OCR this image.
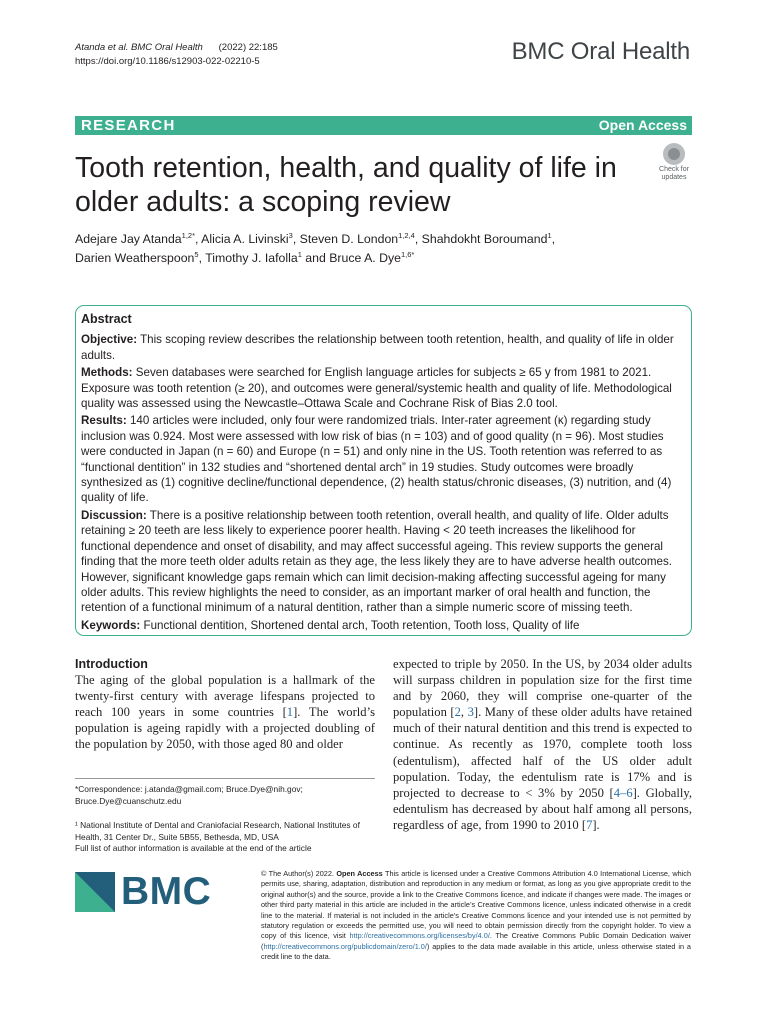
Atanda et al. BMC Oral Health (2022) 22:185
https://doi.org/10.1186/s12903-022-02210-5	BMC Oral Health
RESEARCH	Open Access
Tooth retention, health, and quality of life in older adults: a scoping review
Check for
updates
Adejare Jay Atanda$^{1,2*}$, Alicia A. Livinski$^3$, Steven D. London$^{1,2,4}$, Shahdokht Boroumand$^1$,
Darien Weatherspoon$^5$, Timothy J. Iafolla$^1$ and Bruce A. Dye$^{1,6*}$
Abstract

Objective: This scoping review describes the relationship between tooth retention, health, and quality of life in older adults.

Methods: Seven databases were searched for English language articles for subjects ≥ 65 y from 1981 to 2021. Exposure was tooth retention (≥ 20), and outcomes were general/systemic health and quality of life. Methodological quality was assessed using the Newcastle–Ottawa Scale and Cochrane Risk of Bias 2.0 tool.

Results: 140 articles were included, only four were randomized trials. Inter-rater agreement (κ) regarding study inclusion was 0.924. Most were assessed with low risk of bias (n = 103) and of good quality (n = 96). Most studies were conducted in Japan (n = 60) and Europe (n = 51) and only nine in the US. Tooth retention was referred to as “functional dentition” in 132 studies and “shortened dental arch” in 19 studies. Study outcomes were broadly synthesized as (1) cognitive decline/functional dependence, (2) health status/chronic diseases, (3) nutrition, and (4) quality of life.

Discussion: There is a positive relationship between tooth retention, overall health, and quality of life. Older adults retaining ≥ 20 teeth are less likely to experience poorer health. Having < 20 teeth increases the likelihood for functional dependence and onset of disability, and may affect successful ageing. This review supports the general finding that the more teeth older adults retain as they age, the less likely they are to have adverse health outcomes. However, significant knowledge gaps remain which can limit decision-making affecting successful ageing for many older adults. This review highlights the need to consider, as an important marker of oral health and function, the retention of a functional minimum of a natural dentition, rather than a simple numeric score of missing teeth.

Keywords: Functional dentition, Shortened dental arch, Tooth retention, Tooth loss, Quality of life

Introduction

The aging of the global population is a hallmark of the twenty-first century with average lifespans projected to reach 100 years in some countries [1]. The world’s population is ageing rapidly with a projected doubling of the population by 2050, with those aged 80 and older

expected to triple by 2050. In the US, by 2034 older adults will surpass children in population size for the first time and by 2060, they will comprise one-quarter of the population [2, 3]. Many of these older adults have retained much of their natural dentition and this trend is expected to continue. As recently as 1970, complete tooth loss (edentulism), affected half of the US older adult population. Today, the edentulism rate is 17% and is projected to decrease to < 3% by 2050 [4–6]. Globally, edentulism has decreased by about half among all persons, regardless of age, from 1990 to 2010 [7].

*Correspondence: j.atanda@gmail.com; Bruce.Dye@nih.gov; Bruce.Dye@cuanschutz.edu

¹ National Institute of Dental and Craniofacial Research, National Institutes of Health, 31 Center Dr., Suite 5B55, Bethesda, MD, USA

Full list of author information is available at the end of the article

BMC	© The Author(s) 2022. Open Access This article is licensed under a Creative Commons Attribution 4.0 International License, which permits use, sharing, adaptation, distribution and reproduction in any medium or format, as long as you give appropriate credit to the original author(s) and the source, provide a link to the Creative Commons licence, and indicate if changes were made. The images or other third party material in this article are included in the article’s Creative Commons licence, unless indicated otherwise in a credit line to the material. If material is not included in the article’s Creative Commons licence and your intended use is not permitted by statutory regulation or exceeds the permitted use, you will need to obtain permission directly from the copyright holder. To view a copy of this licence, visit http://creativecommons.org/licenses/by/4.0/. The Creative Commons Public Domain Dedication waiver (http://creativecommons.org/publicdomain/zero/1.0/) applies to the data made available in this article, unless otherwise stated in a credit line to the data.
